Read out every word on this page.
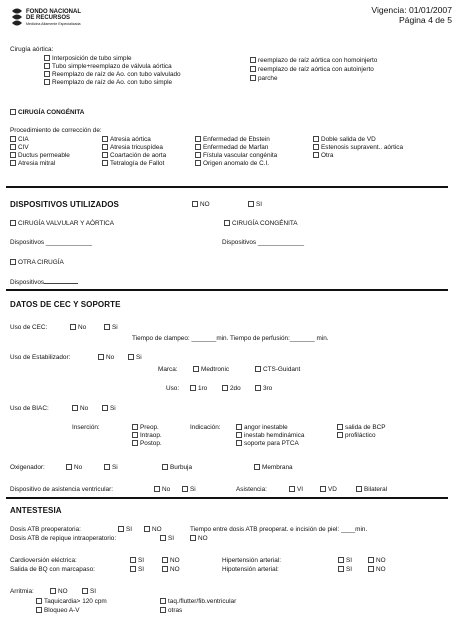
FONDO NACIONAL
DE RECURSOS
Medicina Altamente Especializada
Vigencia: 01/01/2007
Página 4 de 5
Cirugía aórtica:
Interposición de tubo simple
Tubo simple+reemplazo de válvula aórtica
Reemplazo de raíz de Ao. con tubo valvulado
Reemplazo de raíz de Ao. con tubo simple
reemplazo de raíz aórtica con homoinjerto
reemplazo de raíz aórtica con autoinjerto
parche
CIRUGÍA CONGÉNITA
Procedimiento de corrección de:
CIA
CIV
Ductus permeable
Atresia mitral
Atresia aórtica
Atresia tricuspídea
Coartación de aorta
Tetralogía de Fallot
Enfermedad de Ebstein
Enfermedad de Marfan
Fístula vascular congénita
Origen anomalo de C.I.
Doble salida de VD
Estenosis supravent.. aórtica
Otra
DISPOSITIVOS UTILIZADOS	NO	SI
CIRUGÍA VALVULAR Y AÓRTICA	CIRUGÍA CONGÉNITA
Dispositivos _____________	Dispositivos _____________
OTRA CIRUGÍA
Dispositivos
DATOS DE CEC Y SOPORTE
Uso de CEC:	No	Si
Tiempo de clampeo: _______min. Tiempo de perfusión:_______ min.
Uso de Estabilizador:	No	Si
Marca:	Medtronic	CTS-Guidant
Uso:	1ro	2do	3ro
Uso de BIAC:	No	Si
Inserción:	Preop.
Intraop.
Postop.
Indicación:	angor inestable
inestab hemdinámica
soporte para PTCA
salida de BCP
profiláctico
Oxigenador:	No	Si	Burbuja	Membrana
Dispositivo de asistencia ventricular:	No	Si	Asistencia:	VI	VD	Bilateral
ANTESTESIA
Dosis ATB preoperatoria:	SI	NO	Tiempo entre dosis ATB preoperat. e incisión de piel: ____min.
Dosis ATB de repique intraoperatorio:	SI	NO
Cardioversión eléctrica:	SI	NO	Hipertensión arterial:	SI	NO
Salida de BQ con marcapaso:	SI	NO	Hipotensión arterial:	SI	NO
Arritmia:	NO	SI
Taquicardia> 120 cpm
Bloqueo A-V
taq./flutter/fib.ventricular
otras
